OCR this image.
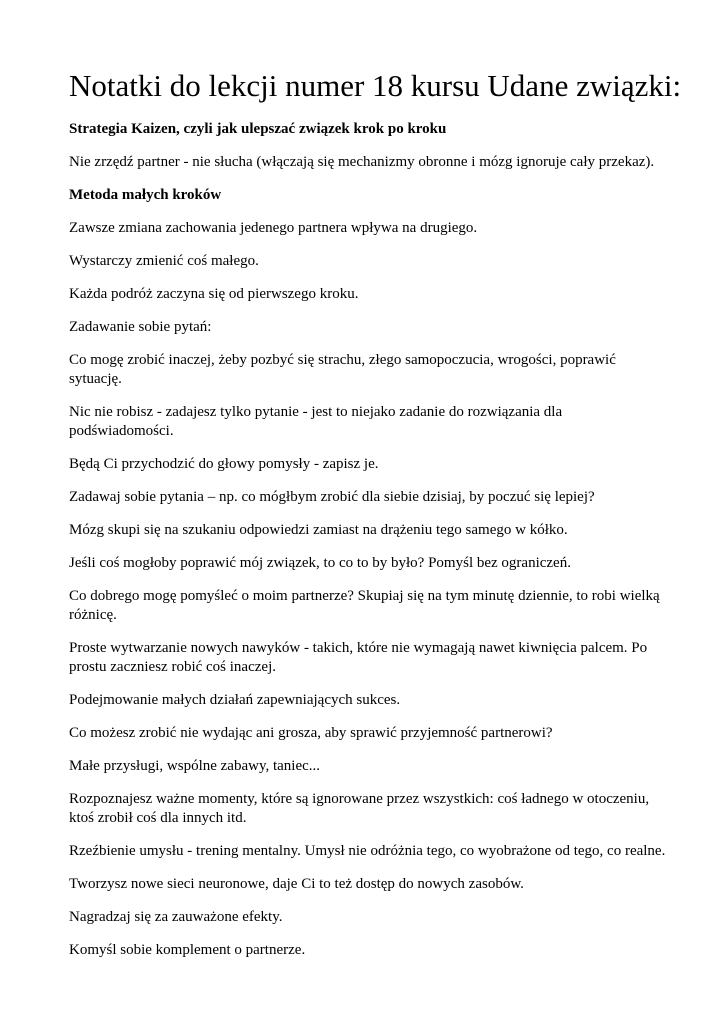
Notatki do lekcji numer 18 kursu Udane związki:

Strategia Kaizen, czyli jak ulepszać związek krok po kroku

Nie zrzędź partner - nie słucha (włączają się mechanizmy obronne i mózg ignoruje cały przekaz).

Metoda małych kroków

Zawsze zmiana zachowania jedenego partnera wpływa na drugiego.

Wystarczy zmienić coś małego.

Każda podróż zaczyna się od pierwszego kroku.

Zadawanie sobie pytań:

Co mogę zrobić inaczej, żeby pozbyć się strachu, złego samopoczucia, wrogości, poprawić sytuację.

Nic nie robisz - zadajesz tylko pytanie - jest to niejako zadanie do rozwiązania dla podświadomości.

Będą Ci przychodzić do głowy pomysły - zapisz je.

Zadawaj sobie pytania – np. co mógłbym zrobić dla siebie dzisiaj, by poczuć się lepiej?

Mózg skupi się na szukaniu odpowiedzi zamiast na drążeniu tego samego w kółko.

Jeśli coś mogłoby poprawić mój związek, to co to by było? Pomyśl bez ograniczeń.

Co dobrego mogę pomyśleć o moim partnerze? Skupiaj się na tym minutę dziennie, to robi wielką różnicę.

Proste wytwarzanie nowych nawyków - takich, które nie wymagają nawet kiwnięcia palcem. Po prostu zaczniesz robić coś inaczej.

Podejmowanie małych działań zapewniających sukces.

Co możesz zrobić nie wydając ani grosza, aby sprawić przyjemność partnerowi?

Małe przysługi, wspólne zabawy, taniec...

Rozpoznajesz ważne momenty, które są ignorowane przez wszystkich: coś ładnego w otoczeniu, ktoś zrobił coś dla innych itd.

Rzeźbienie umysłu - trening mentalny. Umysł nie odróżnia tego, co wyobrażone od tego, co realne.

Tworzysz nowe sieci neuronowe, daje Ci to też dostęp do nowych zasobów.

Nagradzaj się za zauważone efekty.

Komyśl sobie komplement o partnerze.
